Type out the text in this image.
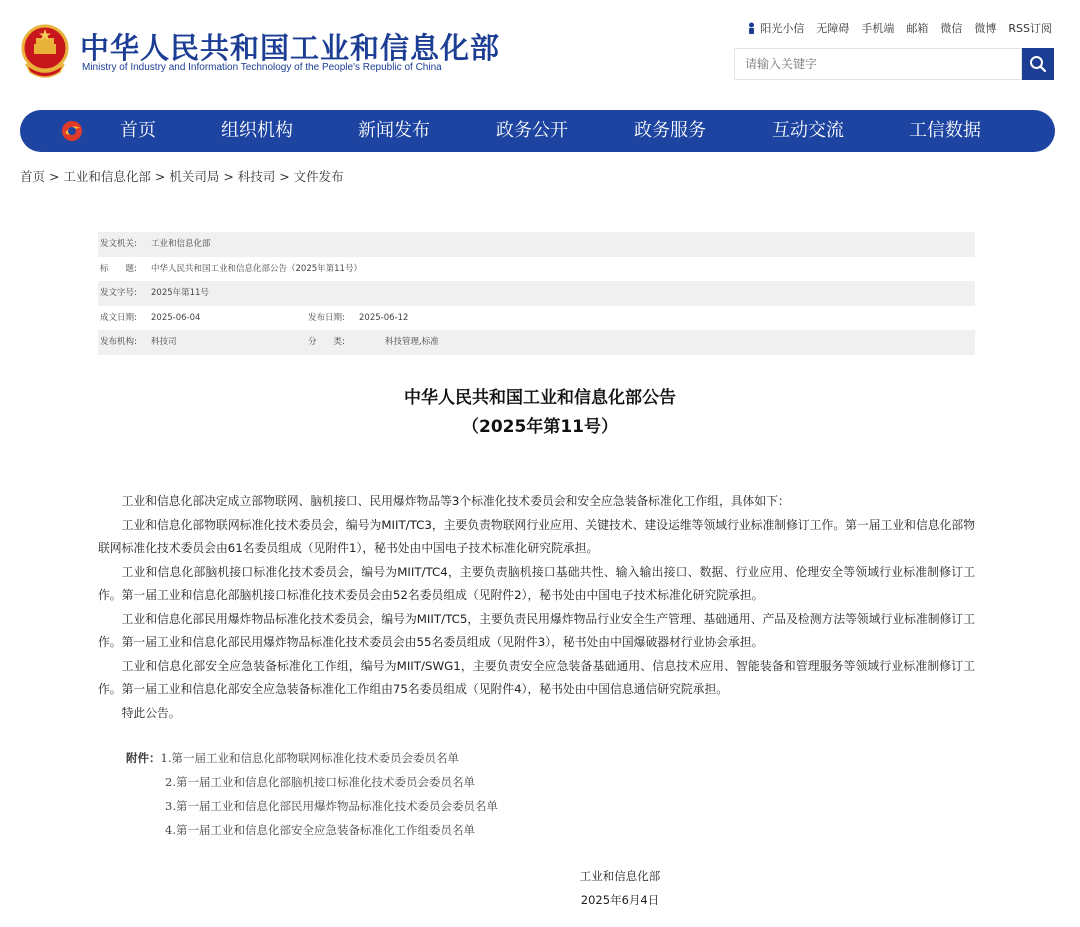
中华人民共和国工业和信息化部
Ministry of Industry and Information Technology of the People's Republic of China
阳光小信 无障碍 手机端 邮箱 微信 微博 RSS订阅
请输入关键字
首页	组织机构	新闻发布	政务公开	政务服务	互动交流	工信数据
首页 > 工业和信息化部 > 机关司局 > 科技司 > 文件发布
发文机关: 工业和信息化部
标　　题: 中华人民共和国工业和信息化部公告（2025年第11号）
发文字号: 2025年第11号
成文日期: 2025-06-04	发布日期: 2025-06-12
发布机构: 科技司	分　　类:	科技管理,标准
中华人民共和国工业和信息化部公告
（2025年第11号）

工业和信息化部决定成立部物联网、脑机接口、民用爆炸物品等3个标准化技术委员会和安全应急装备标准化工作组，具体如下：

工业和信息化部物联网标准化技术委员会，编号为MIIT/TC3，主要负责物联网行业应用、关键技术、建设运维等领域行业标准制修订工作。第一届工业和信息化部物联网标准化技术委员会由61名委员组成（见附件1），秘书处由中国电子技术标准化研究院承担。

工业和信息化部脑机接口标准化技术委员会，编号为MIIT/TC4，主要负责脑机接口基础共性、输入输出接口、数据、行业应用、伦理安全等领域行业标准制修订工作。第一届工业和信息化部脑机接口标准化技术委员会由52名委员组成（见附件2），秘书处由中国电子技术标准化研究院承担。

工业和信息化部民用爆炸物品标准化技术委员会，编号为MIIT/TC5，主要负责民用爆炸物品行业安全生产管理、基础通用、产品及检测方法等领域行业标准制修订工作。第一届工业和信息化部民用爆炸物品标准化技术委员会由55名委员组成（见附件3），秘书处由中国爆破器材行业协会承担。

工业和信息化部安全应急装备标准化工作组，编号为MIIT/SWG1，主要负责安全应急装备基础通用、信息技术应用、智能装备和管理服务等领域行业标准制修订工作。第一届工业和信息化部安全应急装备标准化工作组由75名委员组成（见附件4），秘书处由中国信息通信研究院承担。

特此公告。

附件：1.第一届工业和信息化部物联网标准化技术委员会委员名单
2.第一届工业和信息化部脑机接口标准化技术委员会委员名单
3.第一届工业和信息化部民用爆炸物品标准化技术委员会委员名单
4.第一届工业和信息化部安全应急装备标准化工作组委员名单
工业和信息化部
2025年6月4日
